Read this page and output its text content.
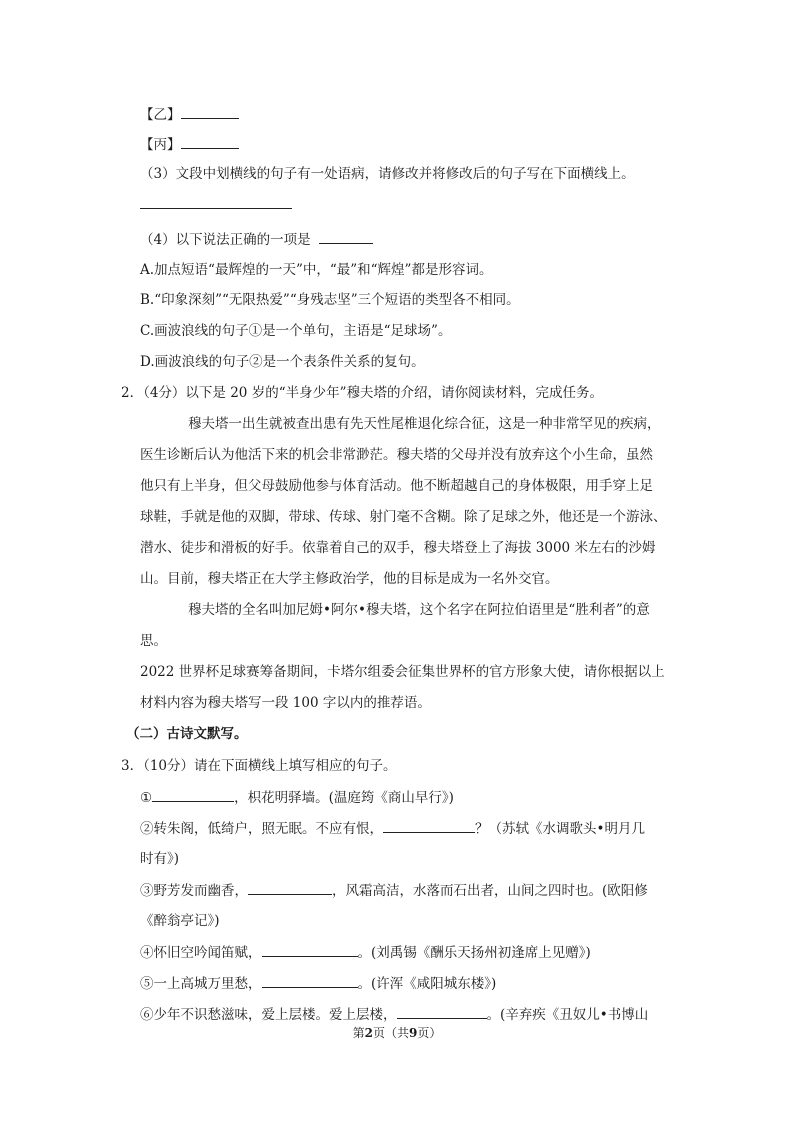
【乙】
【丙】
（3）文段中划横线的句子有一处语病，请修改并将修改后的句子写在下面横线上。
（4）以下说法正确的一项是
A.加点短语“最辉煌的一天”中，“最”和“辉煌”都是形容词。
B.“印象深刻”“无限热爱”“身残志坚”三个短语的类型各不相同。
C.画波浪线的句子①是一个单句，主语是“足球场”。
D.画波浪线的句子②是一个表条件关系的复句。
2．（4分）以下是 20 岁的“半身少年”穆夫塔的介绍，请你阅读材料，完成任务。
穆夫塔一出生就被查出患有先天性尾椎退化综合征，这是一种非常罕见的疾病，
医生诊断后认为他活下来的机会非常渺茫。穆夫塔的父母并没有放弃这个小生命，虽然
他只有上半身，但父母鼓励他参与体育活动。他不断超越自己的身体极限，用手穿上足
球鞋，手就是他的双脚，带球、传球、射门毫不含糊。除了足球之外，他还是一个游泳、
潜水、徒步和滑板的好手。依靠着自己的双手，穆夫塔登上了海拔 3000 米左右的沙姆
山。目前，穆夫塔正在大学主修政治学，他的目标是成为一名外交官。
穆夫塔的全名叫加尼姆•阿尔•穆夫塔，这个名字在阿拉伯语里是“胜利者”的意
思。
2022 世界杯足球赛筹备期间，卡塔尔组委会征集世界杯的官方形象大使，请你根据以上
材料内容为穆夫塔写一段 100 字以内的推荐语。
（二）古诗文默写。
3．（10分）请在下面横线上填写相应的句子。
①	，枳花明驿墙。(温庭筠《商山早行》)
②转朱阁，低绮户，照无眠。不应有恨，	？（苏轼《水调歌头•明月几
时有》)
③野芳发而幽香，	，风霜高洁，水落而石出者，山间之四时也。(欧阳修
《醉翁亭记》)
④怀旧空吟闻笛赋，	。(刘禹锡《酬乐天扬州初逢席上见赠》)
⑤一上高城万里愁，	。(许浑《咸阳城东楼》)
⑥少年不识愁滋味，爱上层楼。爱上层楼，	。(辛弃疾《丑奴儿•书博山
第2页（共9页）
